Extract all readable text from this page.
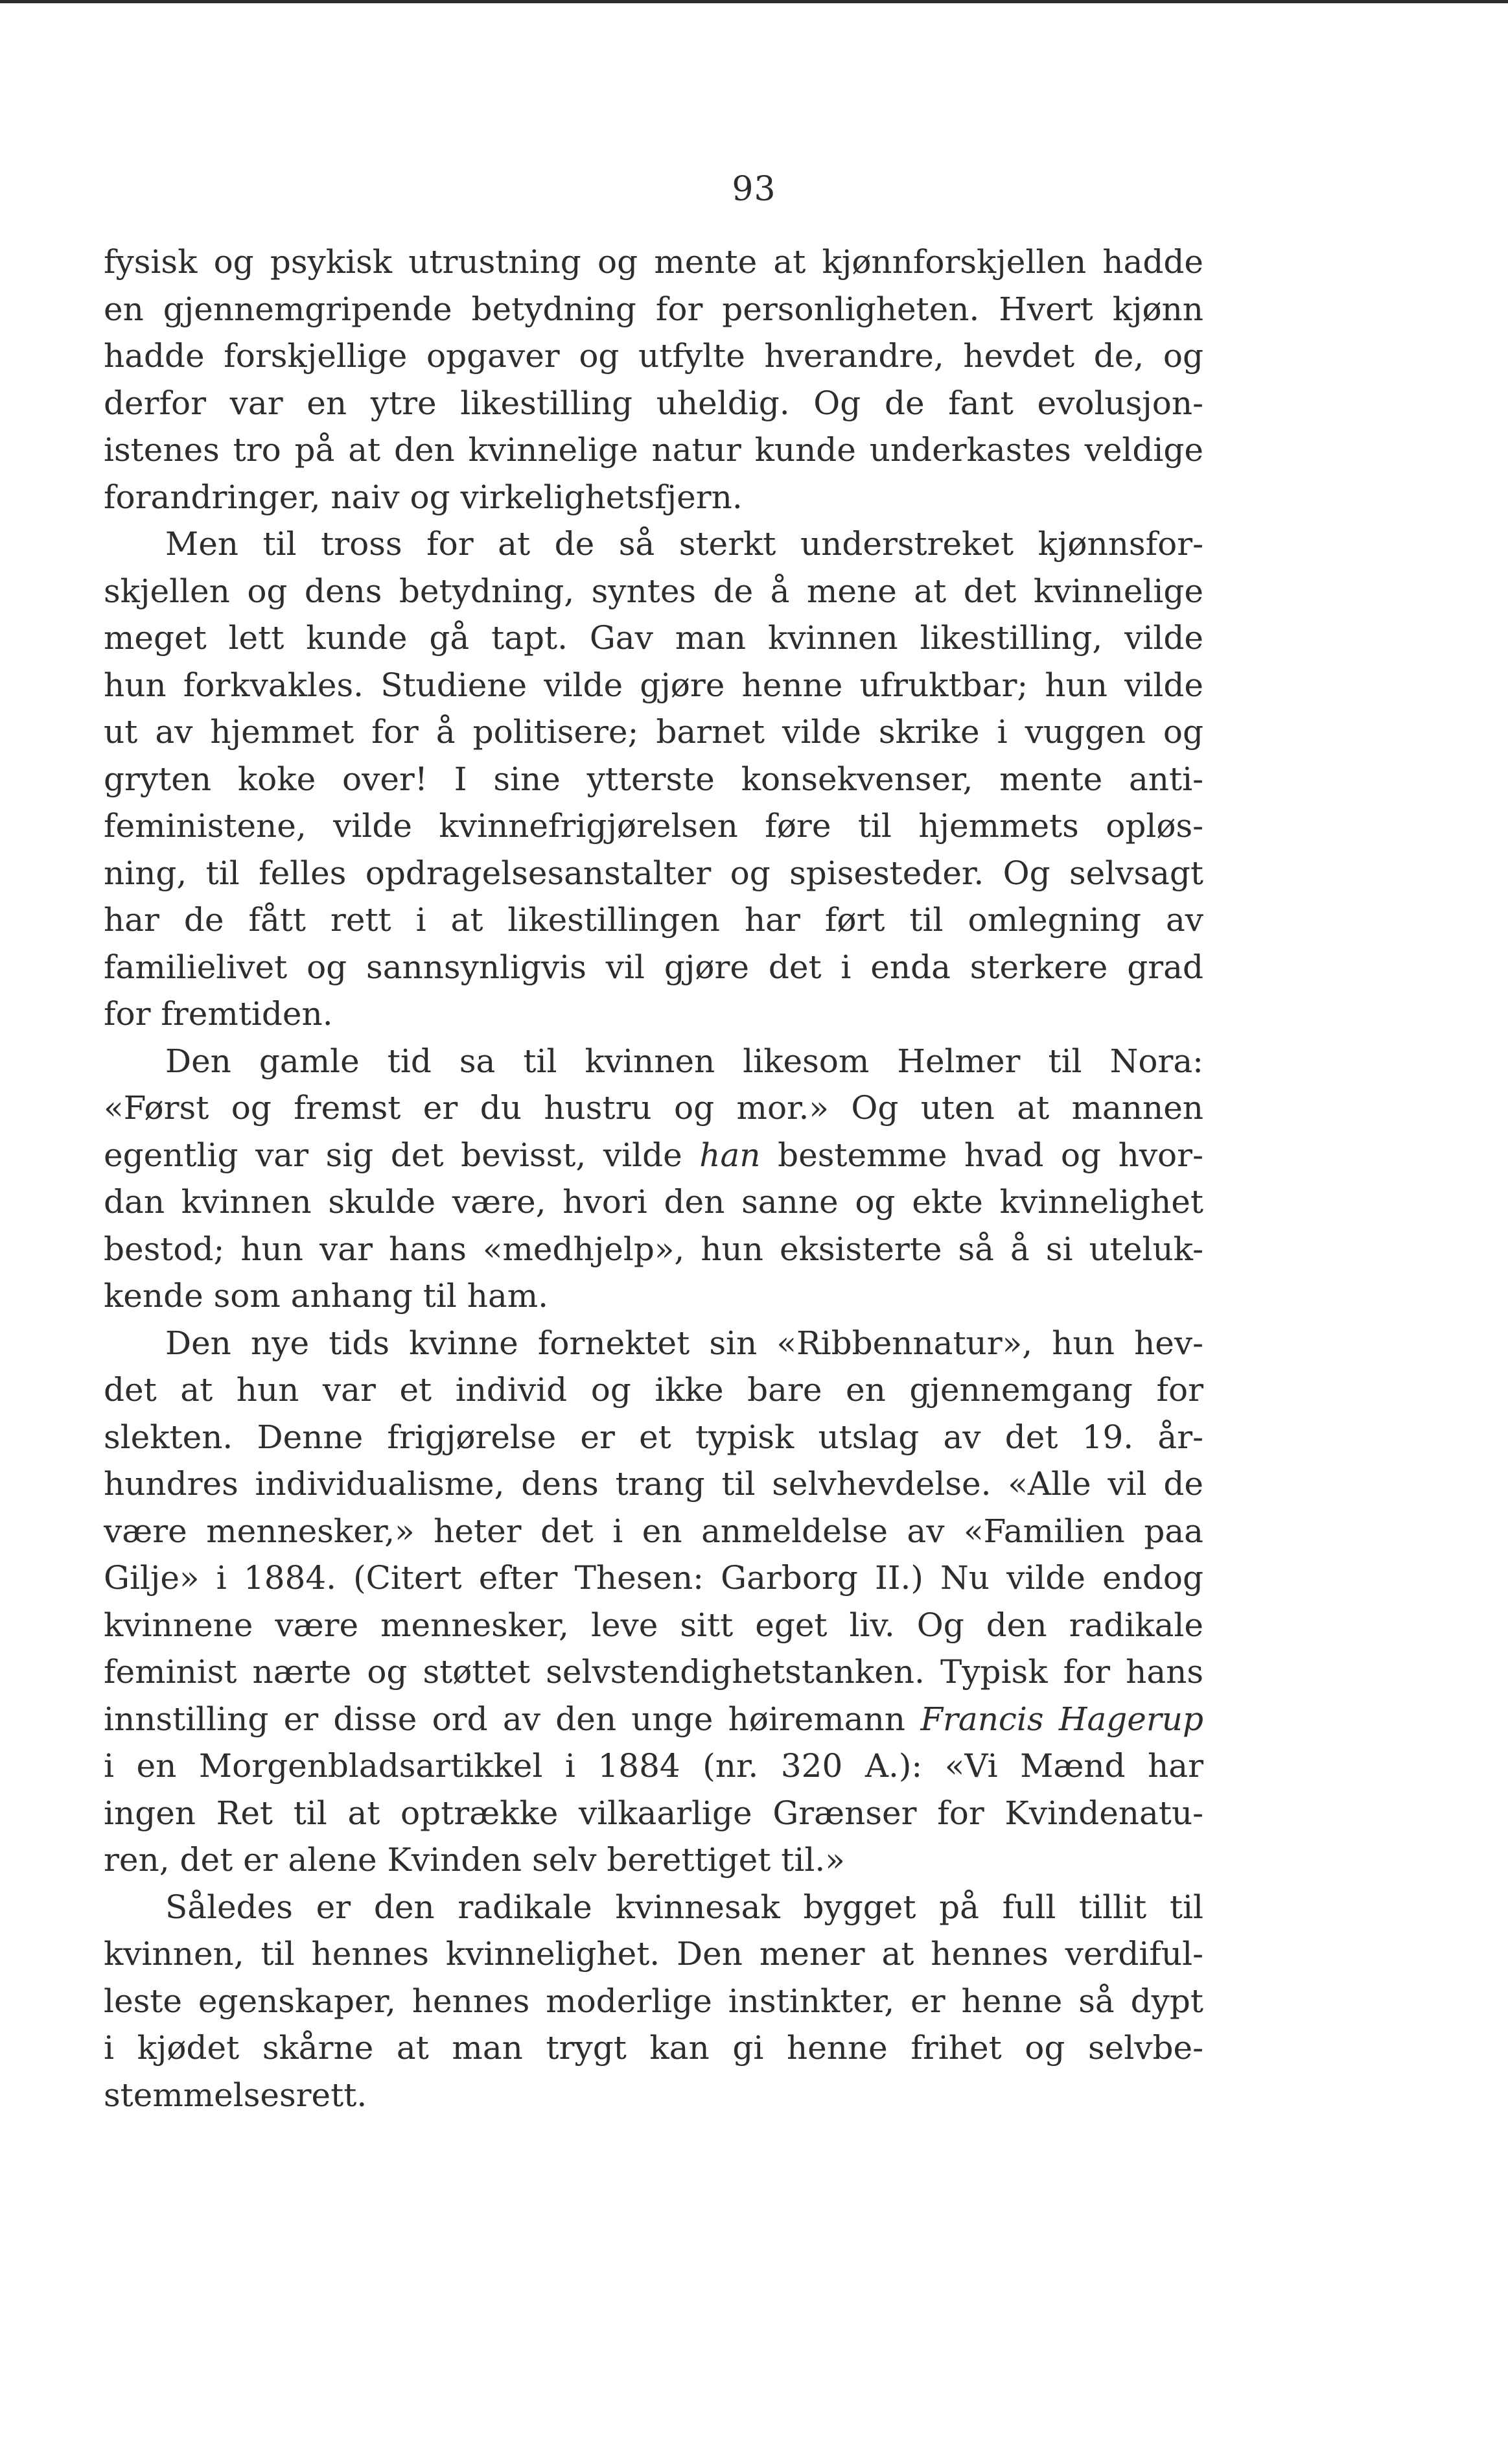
93
fysisk og psykisk utrustning og mente at kjønnforskjellen hadde
en gjennemgripende betydning for personligheten. Hvert kjønn
hadde forskjellige opgaver og utfylte hverandre, hevdet de, og
derfor var en ytre likestilling uheldig. Og de fant evolusjon-
istenes tro på at den kvinnelige natur kunde underkastes veldige
forandringer, naiv og virkelighetsfjern.
Men til tross for at de så sterkt understreket kjønnsfor-
skjellen og dens betydning, syntes de å mene at det kvinnelige
meget lett kunde gå tapt. Gav man kvinnen likestilling, vilde
hun forkvakles. Studiene vilde gjøre henne ufruktbar; hun vilde
ut av hjemmet for å politisere; barnet vilde skrike i vuggen og
gryten koke over! I sine ytterste konsekvenser, mente anti-
feministene, vilde kvinnefrigjørelsen føre til hjemmets opløs-
ning, til felles opdragelsesanstalter og spisesteder. Og selvsagt
har de fått rett i at likestillingen har ført til omlegning av
familielivet og sannsynligvis vil gjøre det i enda sterkere grad
for fremtiden.
Den gamle tid sa til kvinnen likesom Helmer til Nora:
«Først og fremst er du hustru og mor.» Og uten at mannen
egentlig var sig det bevisst, vilde han bestemme hvad og hvor-
dan kvinnen skulde være, hvori den sanne og ekte kvinnelighet
bestod; hun var hans «medhjelp», hun eksisterte så å si uteluk-
kende som anhang til ham.
Den nye tids kvinne fornektet sin «Ribbennatur», hun hev-
det at hun var et individ og ikke bare en gjennemgang for
slekten. Denne frigjørelse er et typisk utslag av det 19. år-
hundres individualisme, dens trang til selvhevdelse. «Alle vil de
være mennesker,» heter det i en anmeldelse av «Familien paa
Gilje» i 1884. (Citert efter Thesen: Garborg II.) Nu vilde endog
kvinnene være mennesker, leve sitt eget liv. Og den radikale
feminist nærte og støttet selvstendighetstanken. Typisk for hans
innstilling er disse ord av den unge høiremann Francis Hagerup
i en Morgenbladsartikkel i 1884 (nr. 320 A.): «Vi Mænd har
ingen Ret til at optrække vilkaarlige Grænser for Kvindenatu-
ren, det er alene Kvinden selv berettiget til.»
Således er den radikale kvinnesak bygget på full tillit til
kvinnen, til hennes kvinnelighet. Den mener at hennes verdiful-
leste egenskaper, hennes moderlige instinkter, er henne så dypt
i kjødet skårne at man trygt kan gi henne frihet og selvbe-
stemmelsesrett.
